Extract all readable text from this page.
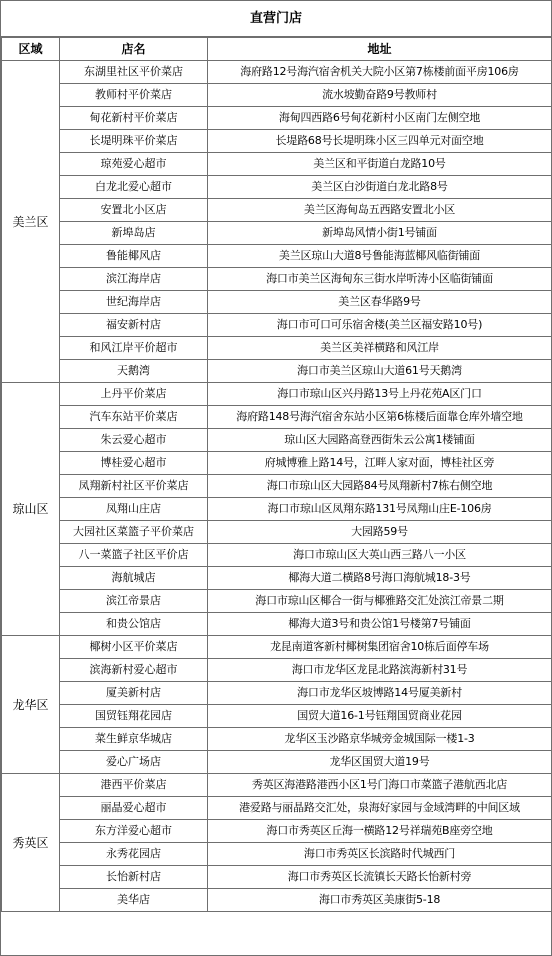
直营门店
区域	店名	地址
美兰区	东湖里社区平价菜店	海府路12号海汽宿舍机关大院小区第7栋楼前面平房106房
	教师村平价菜店	流水坡勤奋路9号教师村
	甸花新村平价菜店	海甸四西路6号甸花新村小区南门左侧空地
	长堤明珠平价菜店	长堤路68号长堤明珠小区三四单元对面空地
	琼苑爱心超市	美兰区和平街道白龙路10号
	白龙北爱心超市	美兰区白沙街道白龙北路8号
	安置北小区店	美兰区海甸岛五西路安置北小区
	新埠岛店	新埠岛风情小街1号铺面
	鲁能椰风店	美兰区琼山大道8号鲁能海蓝椰风临街铺面
	滨江海岸店	海口市美兰区海甸东三街水岸听涛小区临街铺面
	世纪海岸店	美兰区春华路9号
	福安新村店	海口市可口可乐宿舍楼(美兰区福安路10号)
	和风江岸平价超市	美兰区美祥横路和风江岸
	天鹅湾	海口市美兰区琼山大道61号天鹅湾
琼山区	上丹平价菜店	海口市琼山区兴丹路13号上丹花苑A区门口
	汽车东站平价菜店	海府路148号海汽宿舍东站小区第6栋楼后面靠仓库外墙空地
	朱云爱心超市	琼山区大园路高登西街朱云公寓1楼铺面
	博桂爱心超市	府城博雅上路14号，江畔人家对面，博桂社区旁
	凤翔新村社区平价菜店	海口市琼山区大园路84号凤翔新村7栋右侧空地
	凤翔山庄店	海口市琼山区凤翔东路131号凤翔山庄E-106房
	大园社区菜篮子平价菜店	大园路59号
	八一菜篮子社区平价店	海口市琼山区大英山西三路八一小区
	海航城店	椰海大道二横路8号海口海航城18-3号
	滨江帝景店	海口市琼山区椰合一街与椰雅路交汇处滨江帝景二期
	和贵公馆店	椰海大道3号和贵公馆1号楼第7号铺面
龙华区	椰树小区平价菜店	龙昆南道客新村椰树集团宿舍10栋后面停车场
	滨海新村爱心超市	海口市龙华区龙昆北路滨海新村31号
	厦美新村店	海口市龙华区坡博路14号厦美新村
	国贸钰翔花园店	国贸大道16-1号钰翔国贸商业花园
	菜生鲜京华城店	龙华区玉沙路京华城旁金城国际一楼1-3
	爱心广场店	龙华区国贸大道19号
秀英区	港西平价菜店	秀英区海港路港西小区1号门海口市菜篮子港航西北店
	丽晶爱心超市	港爱路与丽晶路交汇处，泉海好家园与金域湾畔的中间区域
	东方洋爱心超市	海口市秀英区丘海一横路12号祥瑞苑B座旁空地
	永秀花园店	海口市秀英区长滨路时代城西门
	长怡新村店	海口市秀英区长流镇长天路长怡新村旁
	美华店	海口市秀英区美康街5-18
